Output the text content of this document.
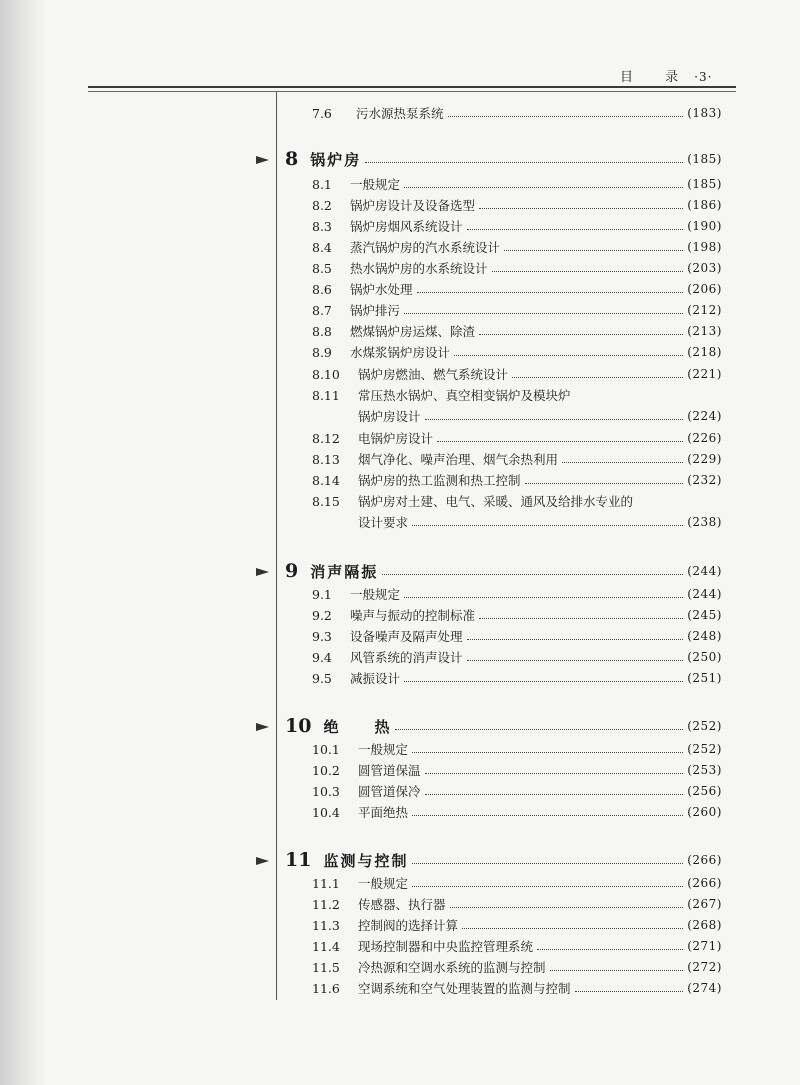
目 录 ·3·
7.6	污水源热泵系统	(183)
8 锅炉房	(185)
8.1	一般规定	(185)
8.2	锅炉房设计及设备选型	(186)
8.3	锅炉房烟风系统设计	(190)
8.4	蒸汽锅炉房的汽水系统设计	(198)
8.5	热水锅炉房的水系统设计	(203)
8.6	锅炉水处理	(206)
8.7	锅炉排污	(212)
8.8	燃煤锅炉房运煤、除渣	(213)
8.9	水煤浆锅炉房设计	(218)
8.10	锅炉房燃油、燃气系统设计	(221)
8.11	常压热水锅炉、真空相变锅炉及模块炉
锅炉房设计	(224)
8.12	电锅炉房设计	(226)
8.13	烟气净化、噪声治理、烟气余热利用	(229)
8.14	锅炉房的热工监测和热工控制	(232)
8.15	锅炉房对土建、电气、采暖、通风及给排水专业的
设计要求	(238)
9 消声隔振	(244)
9.1	一般规定	(244)
9.2	噪声与振动的控制标准	(245)
9.3	设备噪声及隔声处理	(248)
9.4	风管系统的消声设计	(250)
9.5	减振设计	(251)
10 绝　　热	(252)
10.1	一般规定	(252)
10.2	圆管道保温	(253)
10.3	圆管道保冷	(256)
10.4	平面绝热	(260)
11 监测与控制	(266)
11.1	一般规定	(266)
11.2	传感器、执行器	(267)
11.3	控制阀的选择计算	(268)
11.4	现场控制器和中央监控管理系统	(271)
11.5	冷热源和空调水系统的监测与控制	(272)
11.6	空调系统和空气处理装置的监测与控制	(274)
